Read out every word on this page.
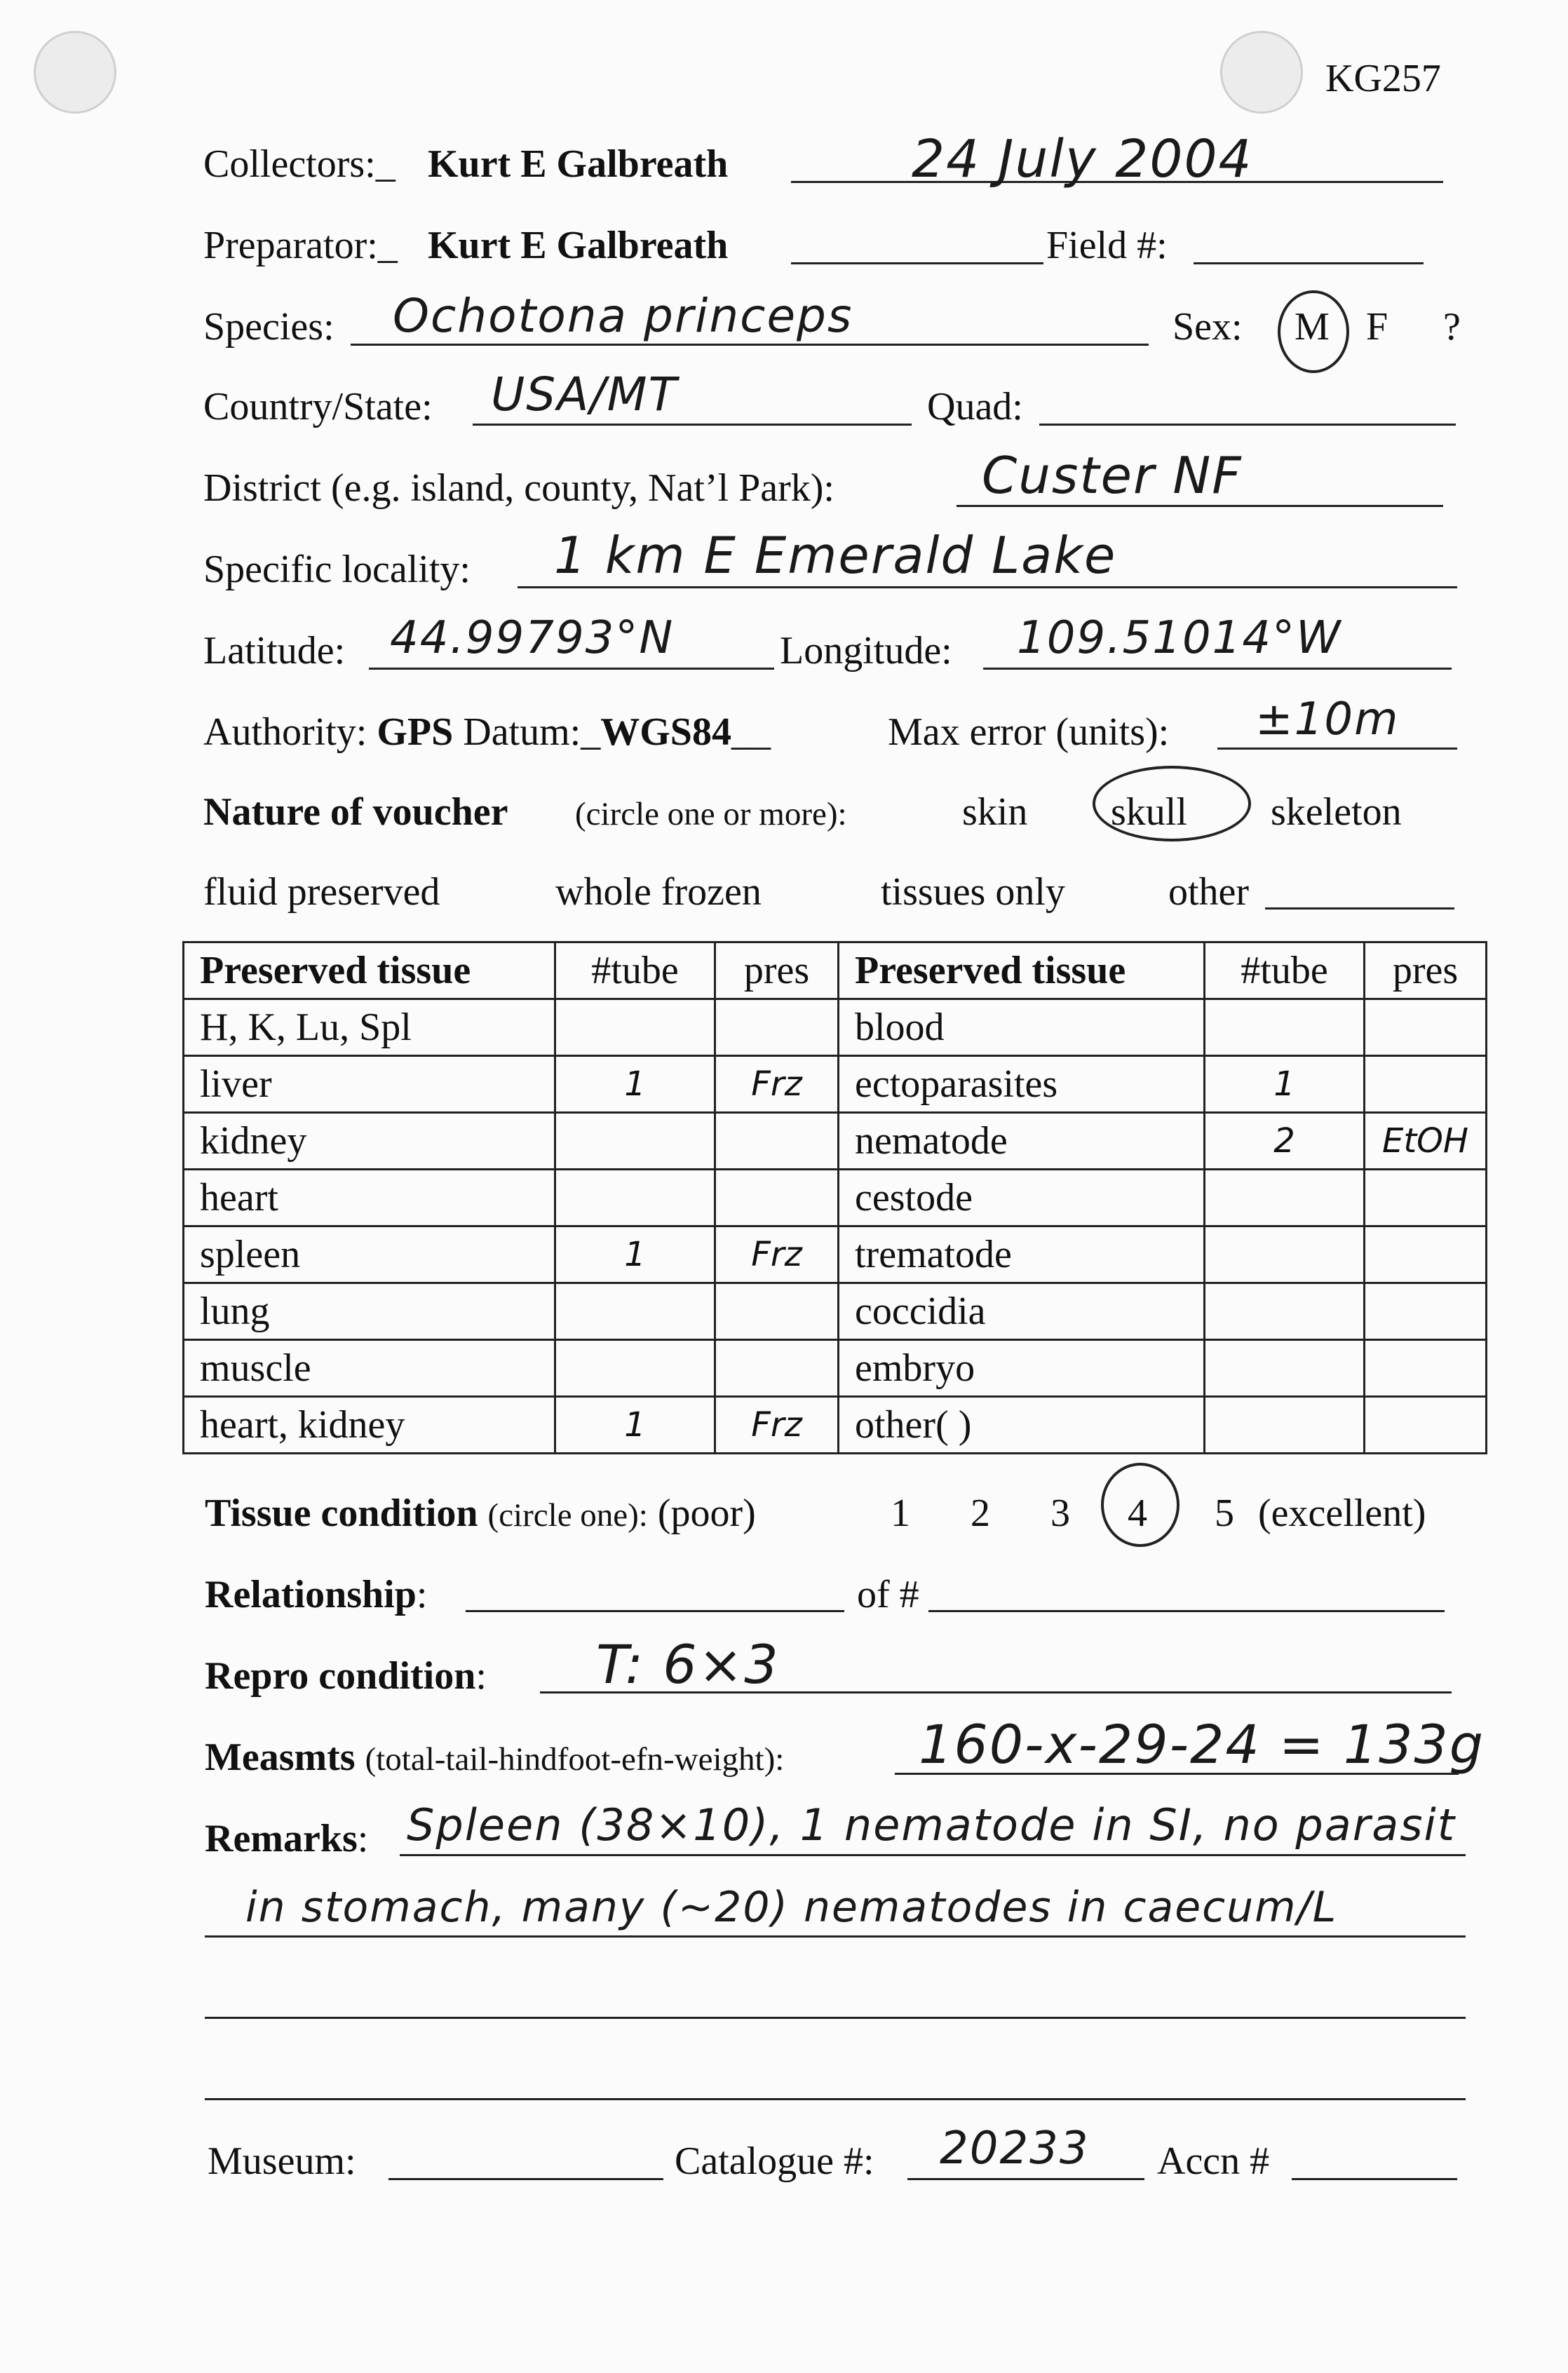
KG257
Collectors:_ Kurt E Galbreath	24 July 2004
Preparator:_ Kurt E Galbreath	Field #:
Species: Ochotona princeps	Sex: M F ?
Country/State: USA/MT	Quad:
District (e.g. island, county, Nat’l Park):	Custer NF
Specific locality: 1 km E Emerald Lake
Latitude: 44.99793°N	Longitude: 109.51014°W
Authority: GPS Datum:_WGS84__	Max error (units): ±10m
Nature of voucher (circle one or more):	skin skull skeleton
fluid preserved	whole frozen	tissues only	other
Preserved tissue	#tube	pres	Preserved tissue	#tube	pres
H, K, Lu, Spl			blood		
liver	1	Frz	ectoparasites	1	
kidney			nematode	2	EtOH
heart			cestode		
spleen	1	Frz	trematode		
lung			coccidia		
muscle			embryo		
heart, kidney	1	Frz	other( )		
Tissue condition (circle one): (poor)	1 2 3 4 5 (excellent)
Relationship:	of #
Repro condition: T: 6×3
Measmts (total-tail-hindfoot-efn-weight):	160-x-29-24 = 133g
Remarks: Spleen (38×10), 1 nematode in SI, no parasit
in stomach, many (~20) nematodes in caecum/L
Museum:	Catalogue #: 20233 Accn #
